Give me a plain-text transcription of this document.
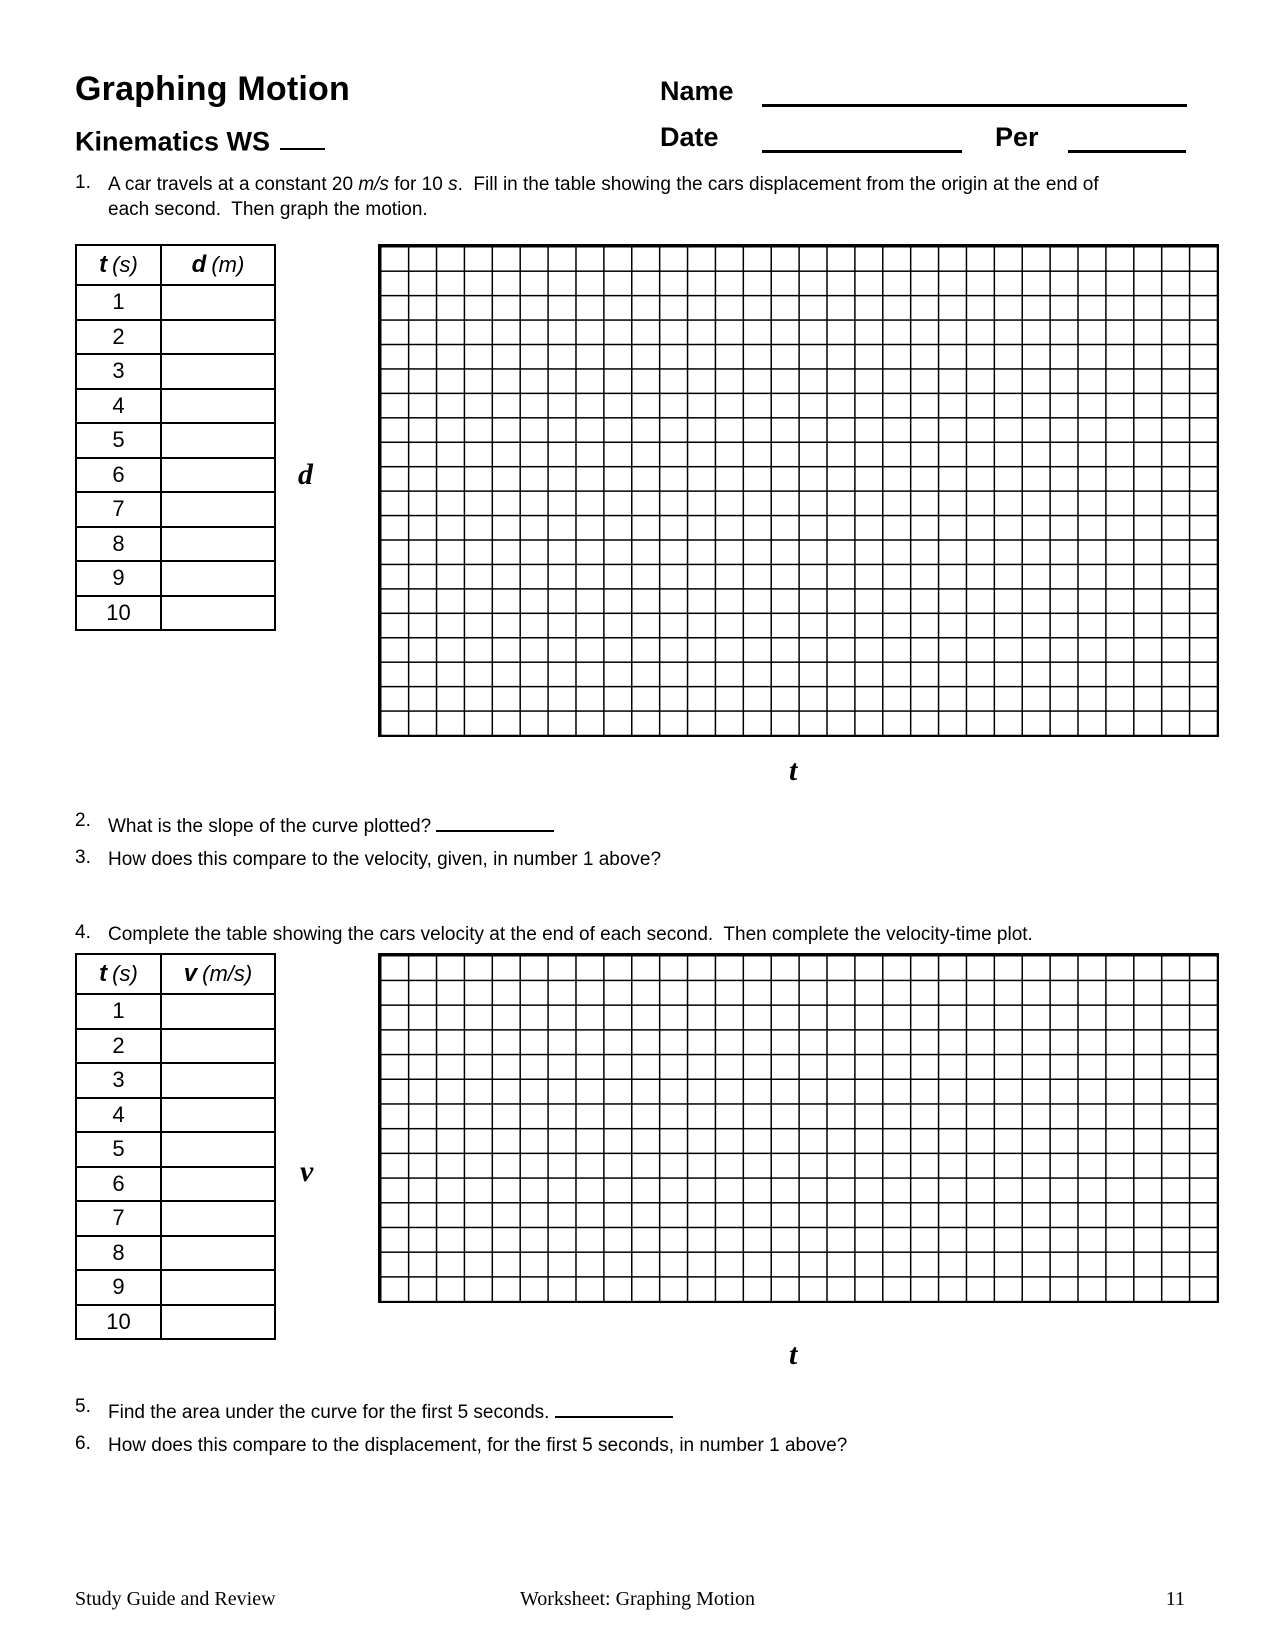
Graphing Motion	Name
Kinematics WS	Date	Per
1. A car travels at a constant 20 m/s for 10 s.  Fill in the table showing the cars displacement from the origin at the end of
each second.  Then graph the motion.
t (s) d (m)
1
2
3
4
5
6
7
8
9
10
d
t
2. What is the slope of the curve plotted?
3. How does this compare to the velocity, given, in number 1 above?
4. Complete the table showing the cars velocity at the end of each second.  Then complete the velocity-time plot.
t (s) v (m/s)
1
2
3
4
5
6
7
8
9
10
v
t
5. Find the area under the curve for the first 5 seconds.
6. How does this compare to the displacement, for the first 5 seconds, in number 1 above?
Study Guide and Review	Worksheet: Graphing Motion	11
